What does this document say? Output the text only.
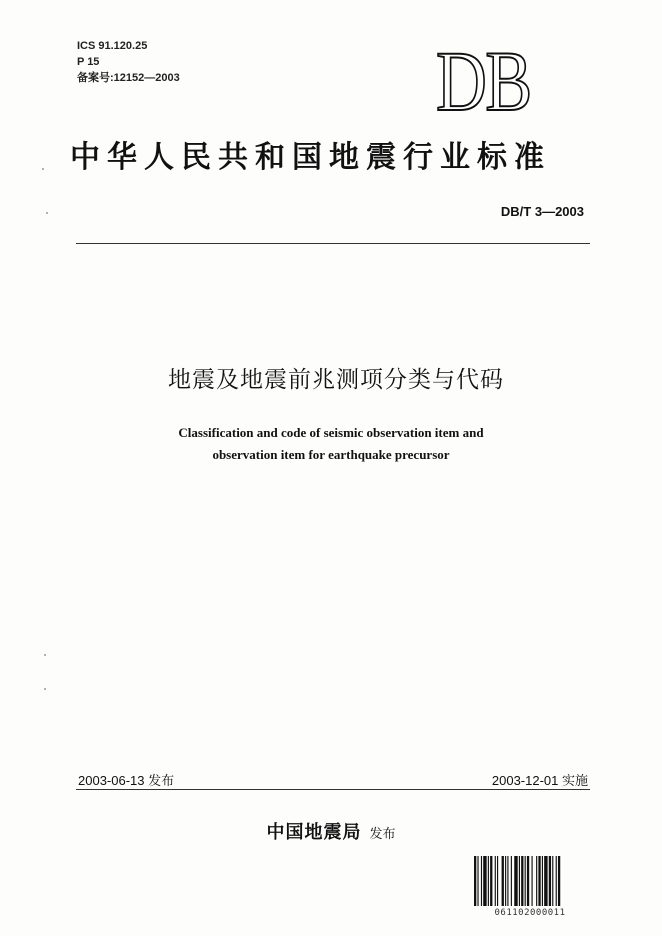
ICS 91.120.25
P 15
备案号:12152—2003	DB
中华人民共和国地震行业标准
DB/T 3—2003
地震及地震前兆测项分类与代码
Classification and code of seismic observation item and
observation item for earthquake precursor
2003-06-13 发布	2003-12-01 实施
中国地震局 发布
061102000011
